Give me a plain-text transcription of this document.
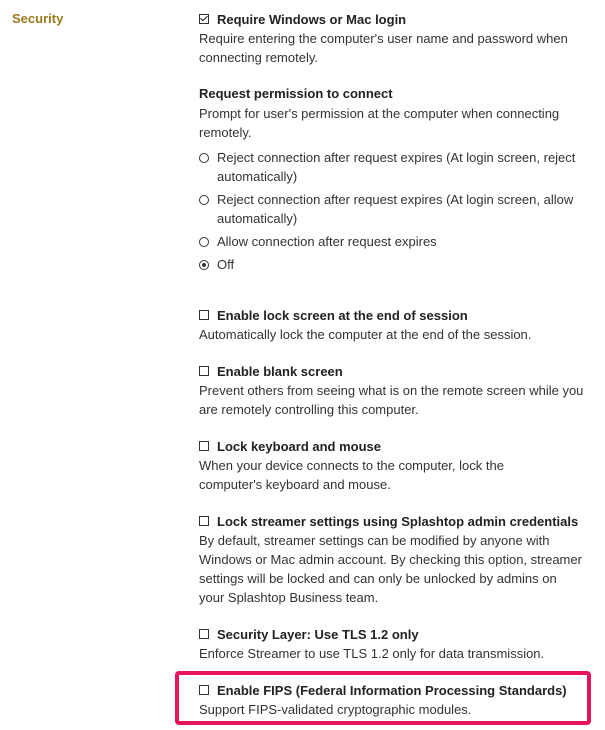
Security	Require Windows or Mac login
Require entering the computer's user name and password when connecting remotely.
Request permission to connect
Prompt for user's permission at the computer when connecting remotely.
Reject connection after request expires (At login screen, reject automatically)
Reject connection after request expires (At login screen, allow automatically)
Allow connection after request expires
Off
Enable lock screen at the end of session
Automatically lock the computer at the end of the session.
Enable blank screen
Prevent others from seeing what is on the remote screen while you are remotely controlling this computer.
Lock keyboard and mouse
When your device connects to the computer, lock the computer's keyboard and mouse.
Lock streamer settings using Splashtop admin credentials
By default, streamer settings can be modified by anyone with Windows or Mac admin account. By checking this option, streamer settings will be locked and can only be unlocked by admins on your Splashtop Business team.
Security Layer: Use TLS 1.2 only
Enforce Streamer to use TLS 1.2 only for data transmission.
Enable FIPS (Federal Information Processing Standards)
Support FIPS-validated cryptographic modules.
